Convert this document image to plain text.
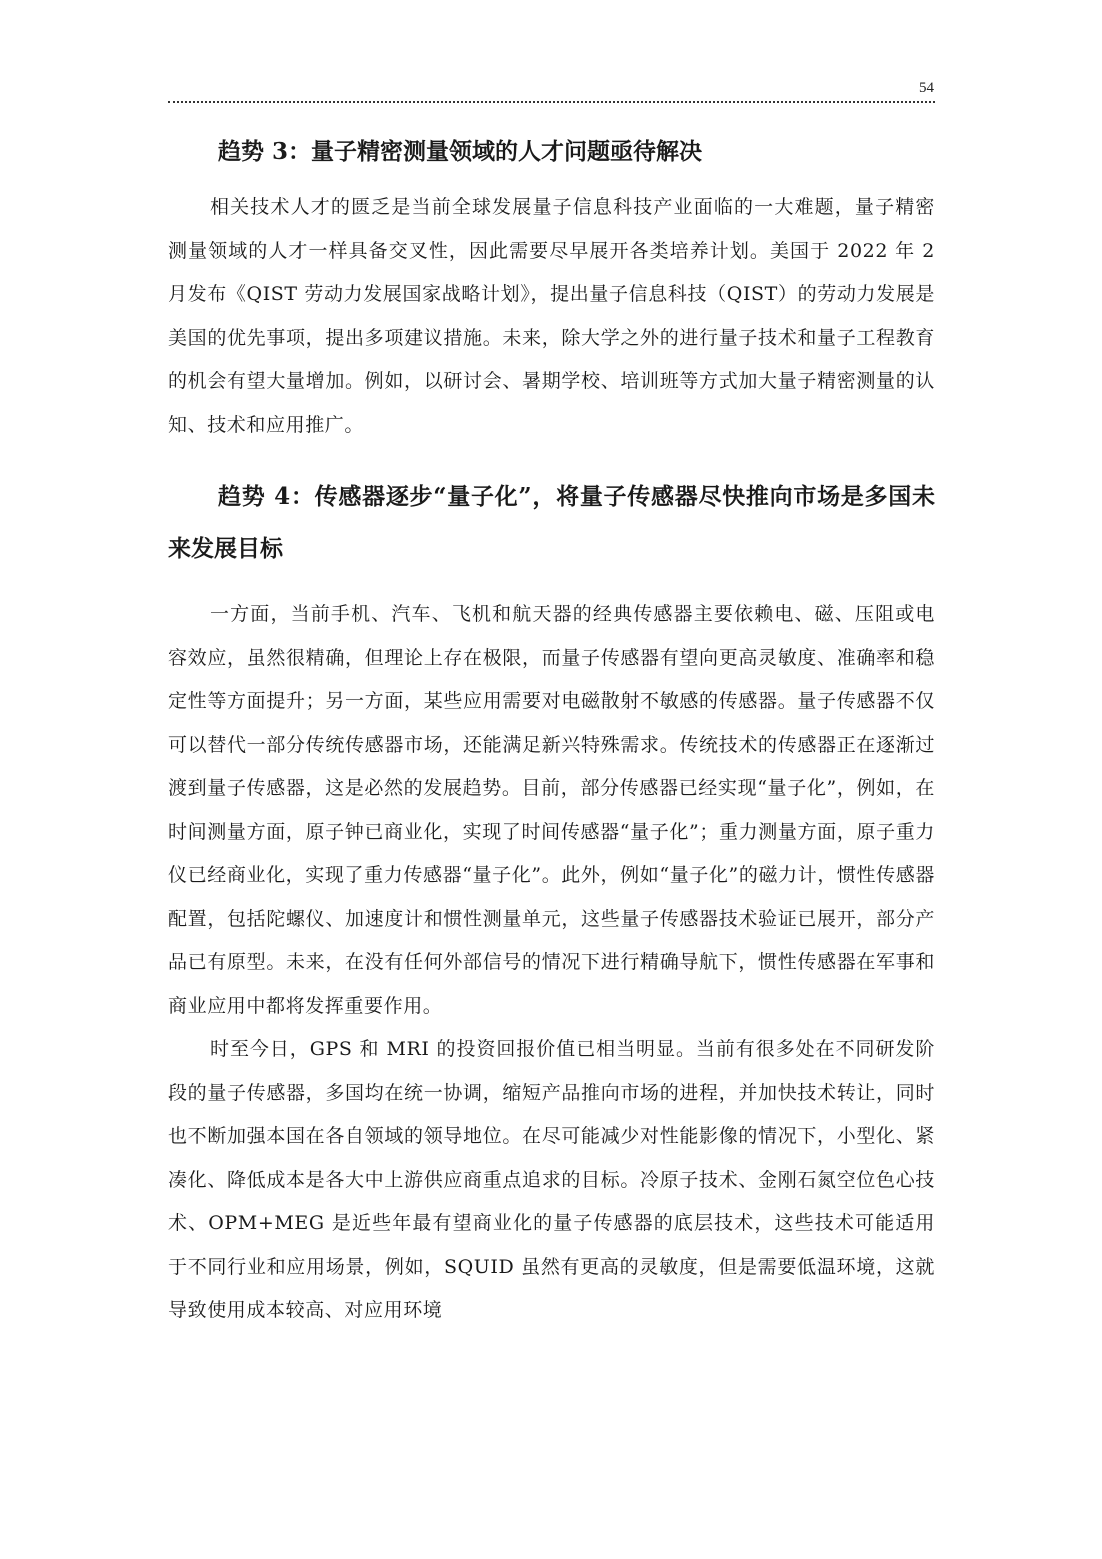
54
趋势 3：量子精密测量领域的人才问题亟待解决

相关技术人才的匮乏是当前全球发展量子信息科技产业面临的一大难题，量子精密测量领域的人才一样具备交叉性，因此需要尽早展开各类培养计划。美国于 2022 年 2 月发布《QIST 劳动力发展国家战略计划》，提出量子信息科技（QIST）的劳动力发展是美国的优先事项，提出多项建议措施。未来，除大学之外的进行量子技术和量子工程教育的机会有望大量增加。例如，以研讨会、暑期学校、培训班等方式加大量子精密测量的认知、技术和应用推广。

趋势 4：传感器逐步“量子化”，将量子传感器尽快推向市场是多国未来发展目标

一方面，当前手机、汽车、飞机和航天器的经典传感器主要依赖电、磁、压阻或电容效应，虽然很精确，但理论上存在极限，而量子传感器有望向更高灵敏度、准确率和稳定性等方面提升；另一方面，某些应用需要对电磁散射不敏感的传感器。量子传感器不仅可以替代一部分传统传感器市场，还能满足新兴特殊需求。传统技术的传感器正在逐渐过渡到量子传感器，这是必然的发展趋势。目前，部分传感器已经实现“量子化”，例如，在时间测量方面，原子钟已商业化，实现了时间传感器“量子化”；重力测量方面，原子重力仪已经商业化，实现了重力传感器“量子化”。此外，例如“量子化”的磁力计，惯性传感器配置，包括陀螺仪、加速度计和惯性测量单元，这些量子传感器技术验证已展开，部分产品已有原型。未来，在没有任何外部信号的情况下进行精确导航下，惯性传感器在军事和商业应用中都将发挥重要作用。

时至今日，GPS 和 MRI 的投资回报价值已相当明显。当前有很多处在不同研发阶段的量子传感器，多国均在统一协调，缩短产品推向市场的进程，并加快技术转让，同时也不断加强本国在各自领域的领导地位。在尽可能减少对性能影像的情况下，小型化、紧凑化、降低成本是各大中上游供应商重点追求的目标。冷原子技术、金刚石氮空位色心技术、OPM+MEG 是近些年最有望商业化的量子传感器的底层技术，这些技术可能适用于不同行业和应用场景，例如，SQUID 虽然有更高的灵敏度，但是需要低温环境，这就导致使用成本较高、对应用环境
